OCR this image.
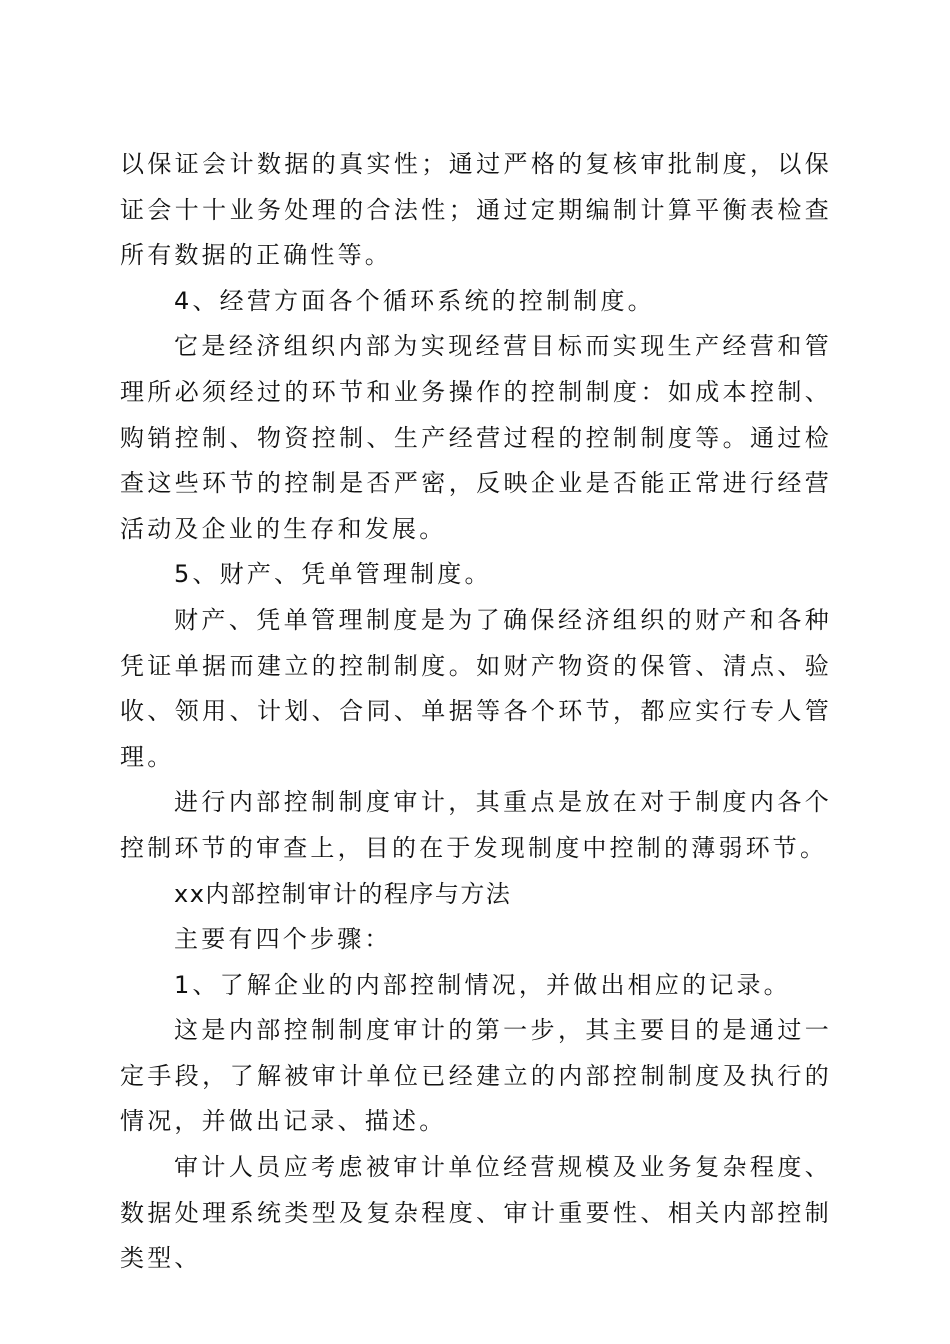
以保证会计数据的真实性；通过严格的复核审批制度，以保证会十十业务处理的合法性；通过定期编制计算平衡表检查所有数据的正确性等。

4、经营方面各个循环系统的控制制度。

它是经济组织内部为实现经营目标而实现生产经营和管理所必须经过的环节和业务操作的控制制度：如成本控制、购销控制、物资控制、生产经营过程的控制制度等。通过检查这些环节的控制是否严密，反映企业是否能正常进行经营活动及企业的生存和发展。

5、财产、凭单管理制度。

财产、凭单管理制度是为了确保经济组织的财产和各种凭证单据而建立的控制制度。如财产物资的保管、清点、验收、领用、计划、合同、单据等各个环节，都应实行专人管理。

进行内部控制制度审计，其重点是放在对于制度内各个控制环节的审查上，目的在于发现制度中控制的薄弱环节。

xx内部控制审计的程序与方法

主要有四个步骤：

1、了解企业的内部控制情况，并做出相应的记录。

这是内部控制制度审计的第一步，其主要目的是通过一定手段，了解被审计单位已经建立的内部控制制度及执行的情况，并做出记录、描述。

审计人员应考虑被审计单位经营规模及业务复杂程度、数据处理系统类型及复杂程度、审计重要性、相关内部控制类型、
